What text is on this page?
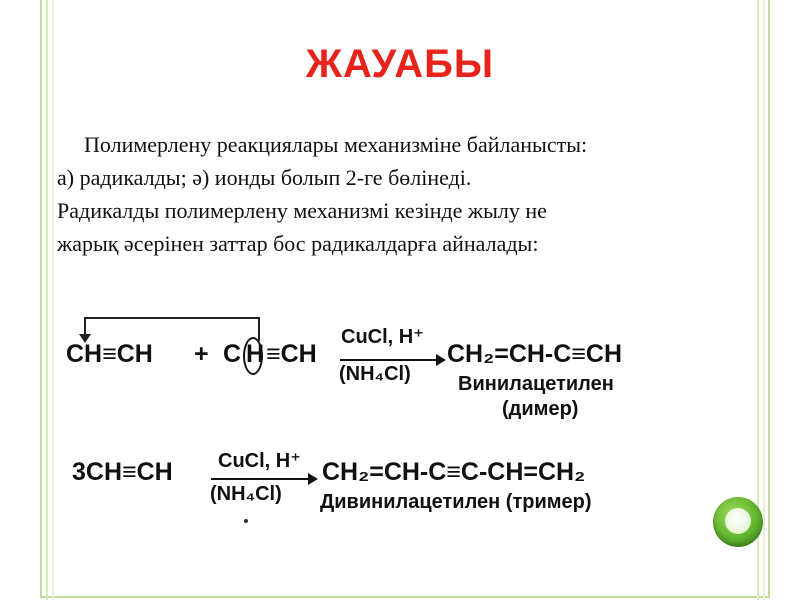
ЖАУАБЫ
Полимерлену реакциялары механизміне байланысты:
а) радикалды; ә) ионды болып 2-ге бөлінеді.
Радикалды полимерлену механизмі кезінде жылу не
жарық әсерінен заттар бос радикалдарға айналады:
CH≡CH + C H ≡CH
CuCl, H⁺
(NH₄Cl)
CH₂=CH-C≡CH
Винилацетилен
(димер)
3CH≡CH CuCl, H⁺
(NH₄Cl)
CH₂=CH-C≡C-CH=CH₂
Дивинилацетилен (тример)
